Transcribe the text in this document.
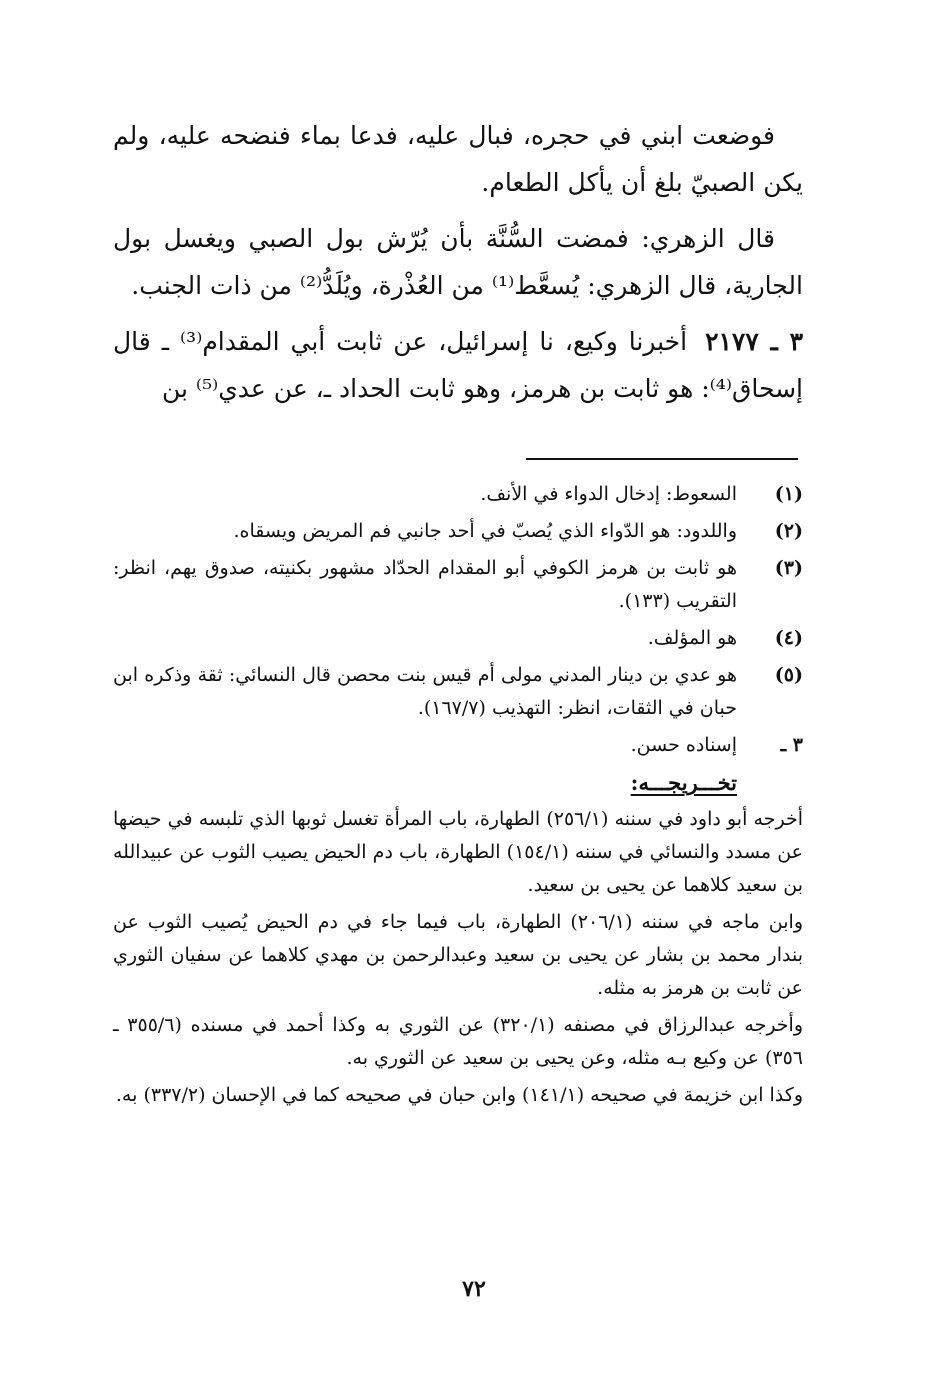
فوضعت ابني في حجره، فبال عليه، فدعا بماء فنضحه عليه، ولم يكن الصبيّ بلغ أن يأكل الطعام.

قال الزهري: فمضت السُّنَّة بأن يُرّش بول الصبي ويغسل بول الجارية، قال الزهري: يُسعَّط⁽¹⁾ من العُذْرة، ويُلَدُّ⁽²⁾ من ذات الجنب.

٣ ـ ٢١٧٧أخبرنا وكيع، نا إسرائيل، عن ثابت أبي المقدام⁽³⁾ ـ قال إسحاق⁽⁴⁾: هو ثابت بن هرمز، وهو ثابت الحداد ـ، عن عدي⁽⁵⁾ بن

(١)
السعوط: إدخال الدواء في الأنف.
(٢)
واللدود: هو الدّواء الذي يُصبّ في أحد جانبي فم المريض ويسقاه.
(٣)
هو ثابت بن هرمز الكوفي أبو المقدام الحدّاد مشهور بكنيته، صدوق يهم، انظر: التقريب (١٣٣).
(٤)
هو المؤلف.
(٥)
هو عدي بن دينار المدني مولى أم قيس بنت محصن قال النسائي: ثقة وذكره ابن حبان في الثقات، انظر: التهذيب (١٦٧/٧).
٣ ـ
إسناده حسن.
تخـــريجـــه:

أخرجه أبو داود في سننه (٢٥٦/١) الطهارة، باب المرأة تغسل ثوبها الذي تلبسه في حيضها عن مسدد والنسائي في سننه (١٥٤/١) الطهارة، باب دم الحيض يصيب الثوب عن عبيدالله بن سعيد كلاهما عن يحيى بن سعيد.

وابن ماجه في سننه (٢٠٦/١) الطهارة، باب فيما جاء في دم الحيض يُصيب الثوب عن بندار محمد بن بشار عن يحيى بن سعيد وعبدالرحمن بن مهدي كلاهما عن سفيان الثوري عن ثابت بن هرمز به مثله.

وأخرجه عبدالرزاق في مصنفه (٣٢٠/١) عن الثوري به وكذا أحمد في مسنده (٣٥٥/٦ ـ ٣٥٦) عن وكيع بـه مثله، وعن يحيى بن سعيد عن الثوري به.

وكذا ابن خزيمة في صحيحه (١٤١/١) وابن حبان في صحيحه كما في الإحسان (٣٣٧/٢) به.

٧٢
